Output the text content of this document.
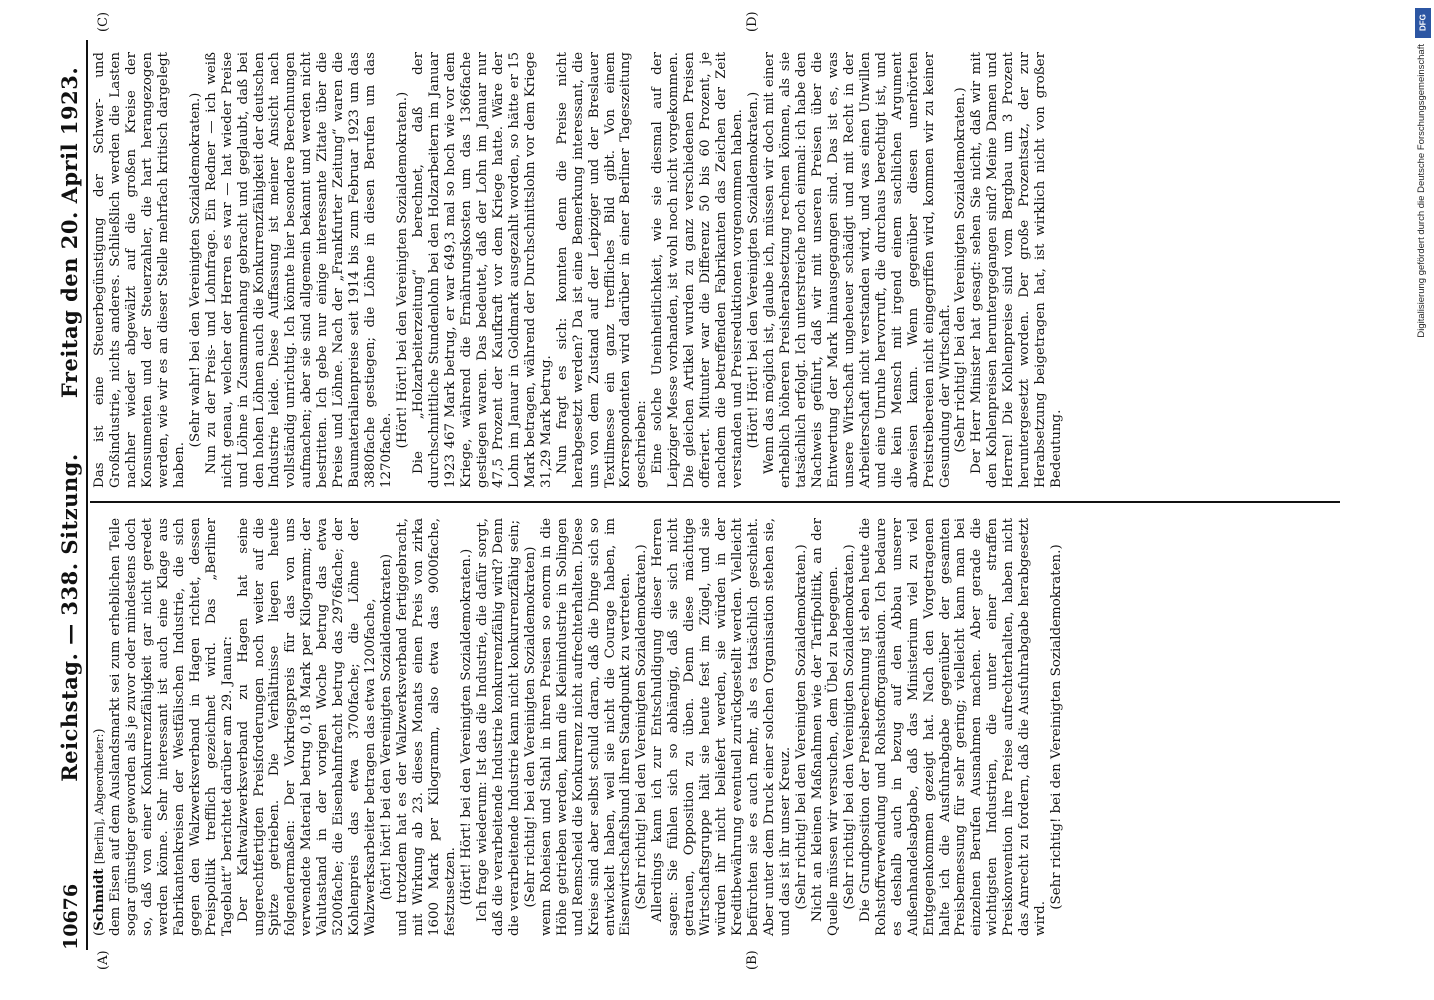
10676
Reichstag. — 338. Sitzung.
Freitag den 20. April 1923.
(A)	(B)
(C)	(D)

(Schmidt [Berlin], Abgeordneter:) dem Eisen auf dem Auslandsmarkt sei zum erheblichen Teile sogar günstiger geworden als je zuvor oder mindestens doch so, daß von einer Konkurrenzfähigkeit gar nicht geredet werden könne. Sehr interessant ist auch eine Klage aus Fabrikantenkreisen der Westfälischen Industrie, die sich gegen den Walzwerksverband in Hagen richtet, dessen Preispolitik trefflich gezeichnet wird. Das „Berliner Tageblatt“ berichtet darüber am 29. Januar: Der Kaltwalzwerksverband zu Hagen hat seine ungerechtfertigten Preisforderungen noch weiter auf die Spitze getrieben. Die Verhältnisse liegen heute folgendermaßen: Der Vorkriegspreis für das von uns verwendete Material betrug 0,18 Mark per Kilogramm; der Valutastand in der vorigen Woche betrug das etwa 5200fache; die Eisenbahnfracht betrug das 2976fache; der Kohlenpreis das etwa 3700fache; die Löhne der Walzwerksarbeiter betragen das etwa 1200fache, (hört! hört! bei den Vereinigten Sozialdemokraten) und trotzdem hat es der Walzwerksverband fertiggebracht, mit Wirkung ab 23. dieses Monats einen Preis von zirka 1600 Mark per Kilogramm, also etwa das 9000fache, festzusetzen. (Hört! Hört! bei den Vereinigten Sozialdemokraten.) Ich frage wiederum: Ist das die Industrie, die dafür sorgt, daß die verarbeitende Industrie konkurrenzfähig wird? Denn die verarbeitende Industrie kann nicht konkurrenzfähig sein; (Sehr richtig! bei den Vereinigten Sozialdemokraten) wenn Roheisen und Stahl in ihren Preisen so enorm in die Höhe getrieben werden, kann die Kleinindustrie in Solingen und Remscheid die Konkurrenz nicht aufrechterhalten. Diese Kreise sind aber selbst schuld daran, daß die Dinge sich so entwickelt haben, weil sie nicht die Courage haben, im Eisenwirtschaftsbund ihren Standpunkt zu vertreten. (Sehr richtig! bei den Vereinigten Sozialdemokraten.) Allerdings kann ich zur Entschuldigung dieser Herren sagen: Sie fühlen sich so abhängig, daß sie sich nicht getrauen, Opposition zu üben. Denn diese mächtige Wirtschaftsgruppe hält sie heute fest im Zügel, und sie würden ihr nicht beliefert werden, sie würden in der Kreditbewährung eventuell zurückgestellt werden. Vielleicht befürchten sie es auch mehr, als es tatsächlich geschieht. Aber unter dem Druck einer solchen Organisation stehen sie, und das ist ihr unser Kreuz. (Sehr richtig! bei den Vereinigten Sozialdemokraten.) Nicht an kleinen Maßnahmen wie der Tarifpolitik, an der Quelle müssen wir versuchen, dem Übel zu begegnen. (Sehr richtig! bei den Vereinigten Sozialdemokraten.) Die Grundposition der Preisberechnung ist eben heute die Rohstoffverwendung und Rohstofforganisation. Ich bedaure es deshalb auch in bezug auf den Abbau unserer Außenhandelsabgabe, daß das Ministerium viel zu viel Entgegenkommen gezeigt hat. Nach den Vorgetragenen halte ich die Ausfuhrabgabe gegenüber der gesamten Preisbemessung für sehr gering; vielleicht kann man bei einzelnen Berufen Ausnahmen machen. Aber gerade die wichtigsten Industrien, die unter einer straffen Preiskonvention ihre Preise aufrechterhalten, haben nicht das Anrecht zu fordern, daß die Ausfuhrabgabe herabgesetzt wird.

(Sehr richtig! bei den Vereinigten Sozialdemokraten.)

Das ist eine Steuerbegünstigung der Schwer- und Großindustrie, nichts anderes. Schließlich werden die Lasten nachher wieder abgewälzt auf die großen Kreise der Konsumenten und der Steuerzahler, die hart herangezogen werden, wie wir es an dieser Stelle mehrfach kritisch dargelegt haben.

(Sehr wahr! bei den Vereinigten Sozialdemokraten.) Nun zu der Preis- und Lohnfrage. Ein Redner — ich weiß nicht genau, welcher der Herren es war — hat wieder Preise und Löhne in Zusammenhang gebracht und geglaubt, daß bei den hohen Löhnen auch die Konkurrenzfähigkeit der deutschen Industrie leide. Diese Auffassung ist meiner Ansicht nach vollständig unrichtig. Ich könnte hier besondere Berechnungen aufmachen; aber sie sind allgemein bekannt und werden nicht bestritten. Ich gebe nur einige interessante Zitate über die Preise und Löhne. Nach der „Frankfurter Zeitung“ waren die Baumaterialienpreise seit 1914 bis zum Februar 1923 um das 3880fache gestiegen; die Löhne in diesen Berufen um das 1270fache.

(Hört! Hört! bei den Vereinigten Sozialdemokraten.) Die „Holzarbeiterzeitung“ berechnet, daß der durchschnittliche Stundenlohn bei den Holzarbeitern im Januar 1923 467 Mark betrug, er war 649,3 mal so hoch wie vor dem Kriege, während die Ernährungskosten um das 1366fache gestiegen waren. Das bedeutet, daß der Lohn im Januar nur 47,5 Prozent der Kaufkraft vor dem Kriege hatte. Wäre der Lohn im Januar in Goldmark ausgezahlt worden, so hätte er 15 Mark betragen, während der Durchschnittslohn vor dem Kriege 31,29 Mark betrug. Nun fragt es sich: konnten denn die Preise nicht herabgesetzt werden? Da ist eine Bemerkung interessant, die uns von dem Zustand auf der Leipziger und der Breslauer Textilmesse ein ganz treffliches Bild gibt. Von einem Korrespondenten wird darüber in einer Berliner Tageszeitung geschrieben: Eine solche Uneinheitlichkeit, wie sie diesmal auf der Leipziger Messe vorhanden, ist wohl noch nicht vorgekommen. Die gleichen Artikel wurden zu ganz verschiedenen Preisen offeriert. Mitunter war die Differenz 50 bis 60 Prozent, je nachdem die betreffenden Fabrikanten das Zeichen der Zeit verstanden und Preisreduktionen vorgenommen haben. (Hört! Hört! bei den Vereinigten Sozialdemokraten.) Wenn das möglich ist, glaube ich, müssen wir doch mit einer erheblich höheren Preisherabsetzung rechnen können, als sie tatsächlich erfolgt. Ich unterstreiche noch einmal: ich habe den Nachweis geführt, daß wir mit unseren Preisen über die Entwertung der Mark hinausgegangen sind. Das ist es, was unsere Wirtschaft ungeheuer schädigt und mit Recht in der Arbeiterschaft nicht verstanden wird, und was einen Unwillen und eine Unruhe hervorruft, die durchaus berechtigt ist, und die kein Mensch mit irgend einem sachlichen Argument abweisen kann. Wenn gegenüber diesen unerhörten Preistreibereien nicht eingegriffen wird, kommen wir zu keiner Gesundung der Wirtschaft. (Sehr richtig! bei den Vereinigten Sozialdemokraten.) Der Herr Minister hat gesagt: sehen Sie nicht, daß wir mit den Kohlenpreisen heruntergegangen sind? Meine Damen und Herren! Die Kohlenpreise sind vom Bergbau um 3 Prozent heruntergesetzt worden. Der große Prozentsatz, der zur Herabsetzung beigetragen hat, ist wirklich nicht von großer Bedeutung.

DFG
Digitalisierung gefördert durch die Deutsche Forschungsgemeinschaft
